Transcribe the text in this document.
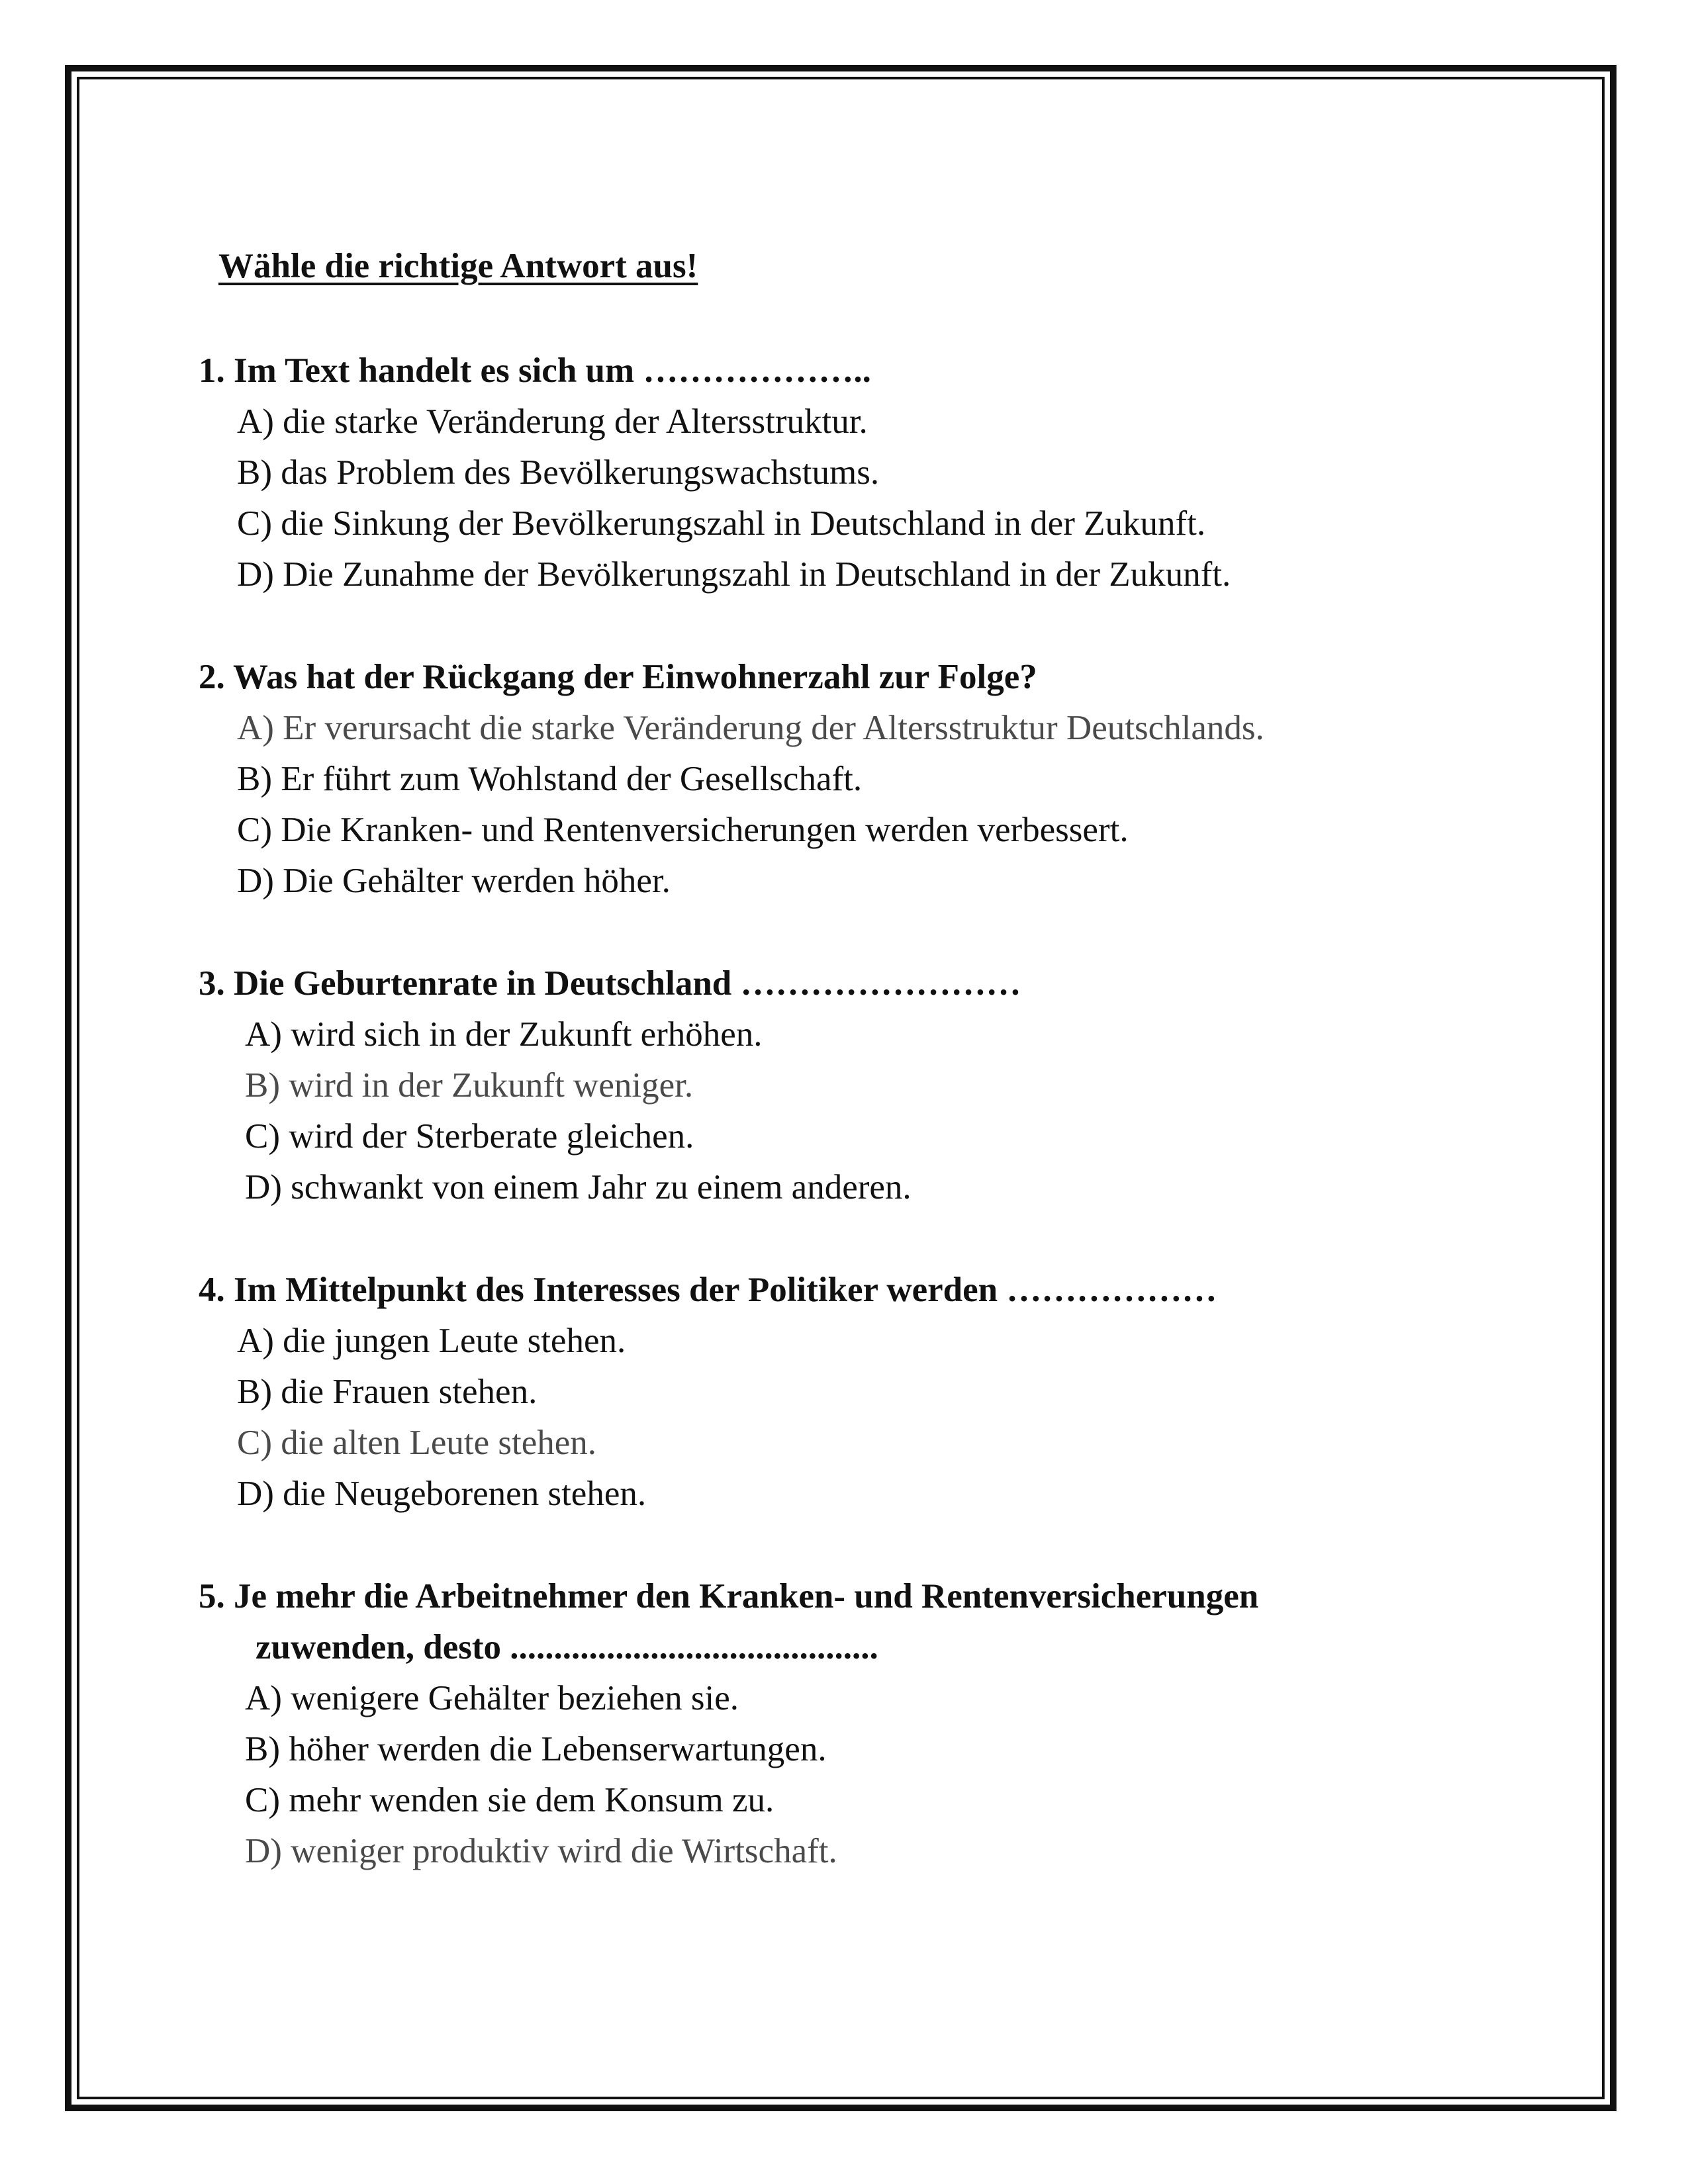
Wähle die richtige Antwort aus!

1. Im Text handelt es sich um ………………..

A) die starke Veränderung der Altersstruktur.

B) das Problem des Bevölkerungswachstums.

C) die Sinkung der Bevölkerungszahl in Deutschland in der Zukunft.

D) Die Zunahme der Bevölkerungszahl in Deutschland in der Zukunft.

2. Was hat der Rückgang der Einwohnerzahl zur Folge?

A) Er verursacht die starke Veränderung der Altersstruktur Deutschlands.

B) Er führt zum Wohlstand der Gesellschaft.

C) Die Kranken- und Rentenversicherungen werden verbessert.

D) Die Gehälter werden höher.

3. Die Geburtenrate in Deutschland ……………………

A) wird sich in der Zukunft erhöhen.

B) wird in der Zukunft weniger.

C) wird der Sterberate gleichen.

D) schwankt von einem Jahr zu einem anderen.

4. Im Mittelpunkt des Interesses der Politiker werden ………………

A) die jungen Leute stehen.

B) die Frauen stehen.

C) die alten Leute stehen.

D) die Neugeborenen stehen.

5. Je mehr die Arbeitnehmer den Kranken- und Rentenversicherungen
zuwenden, desto ..........................................

A) wenigere Gehälter beziehen sie.

B) höher werden die Lebenserwartungen.

C) mehr wenden sie dem Konsum zu.

D) weniger produktiv wird die Wirtschaft.
